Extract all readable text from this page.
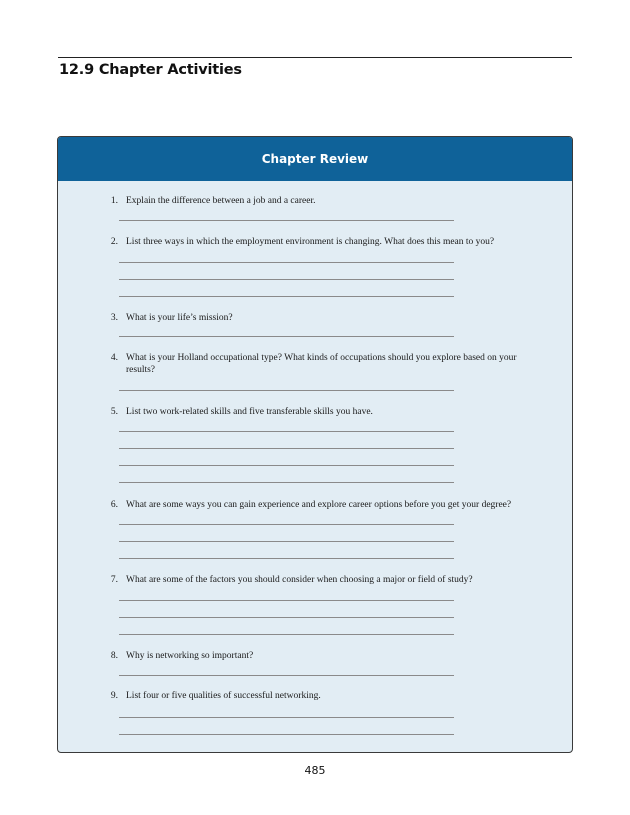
12.9 Chapter Activities
Chapter Review
1. Explain the difference between a job and a career.
2. List three ways in which the employment environment is changing. What does this mean to you?
3. What is your life’s mission?
4. What is your Holland occupational type? What kinds of occupations should you explore based on your results?
5. List two work-related skills and five transferable skills you have.
6. What are some ways you can gain experience and explore career options before you get your degree?
7. What are some of the factors you should consider when choosing a major or field of study?
8. Why is networking so important?
9. List four or five qualities of successful networking.
485
